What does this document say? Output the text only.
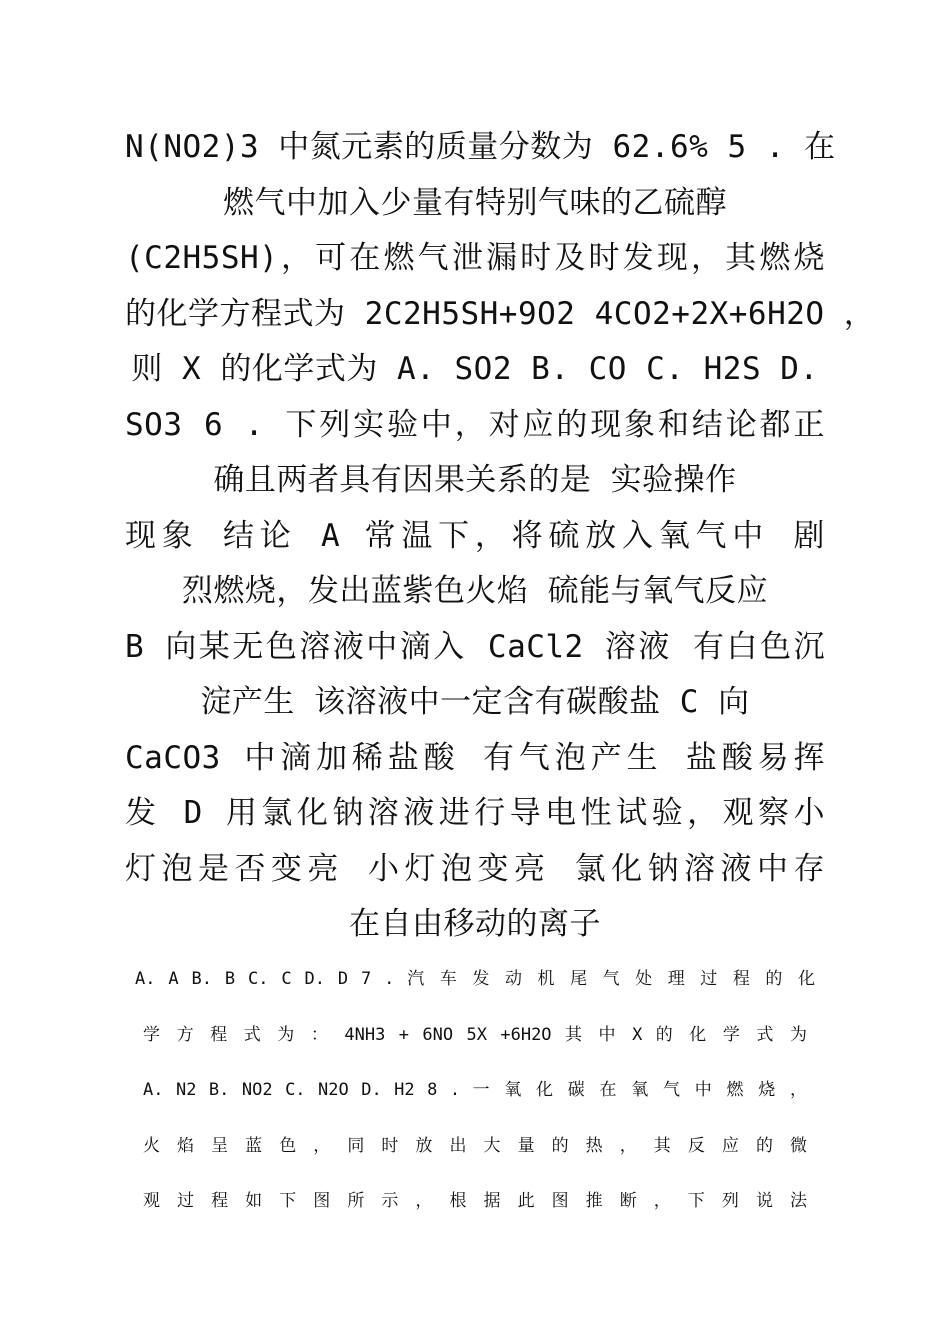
N(NO2)3 中氮元素的质量分数为 62.6% 5 . 在
燃气中加入少量有特别气味的乙硫醇
(C2H5SH)，可在燃气泄漏时及时发现，其燃烧
的化学方程式为 2C2H5SH+9O2 4CO2+2X+6H2O ，
则 X 的化学式为 A. SO2 B. CO C. H2S D.
SO3 6 . 下列实验中，对应的现象和结论都正
确且两者具有因果关系的是 实验操作
现象 结论 A 常温下，将硫放入氧气中 剧
烈燃烧，发出蓝紫色火焰 硫能与氧气反应
B 向某无色溶液中滴入 CaCl2 溶液 有白色沉
淀产生 该溶液中一定含有碳酸盐 C 向
CaCO3 中滴加稀盐酸 有气泡产生 盐酸易挥
发 D 用氯化钠溶液进行导电性试验，观察小
灯泡是否变亮 小灯泡变亮 氯化钠溶液中存
在自由移动的离子
A. A B. B C. C D. D 7 . 汽 车 发 动 机 尾 气 处 理 过 程 的 化
学 方 程 式 为 ： 4NH3 + 6NO 5X +6H2O 其 中 X 的 化 学 式 为
A. N2 B. NO2 C. N2O D. H2 8 . 一 氧 化 碳 在 氧 气 中 燃 烧 ，
火 焰 呈 蓝 色 ， 同 时 放 出 大 量 的 热 ， 其 反 应 的 微
观 过 程 如 下 图 所 示 ， 根 据 此 图 推 断 ， 下 列 说 法
